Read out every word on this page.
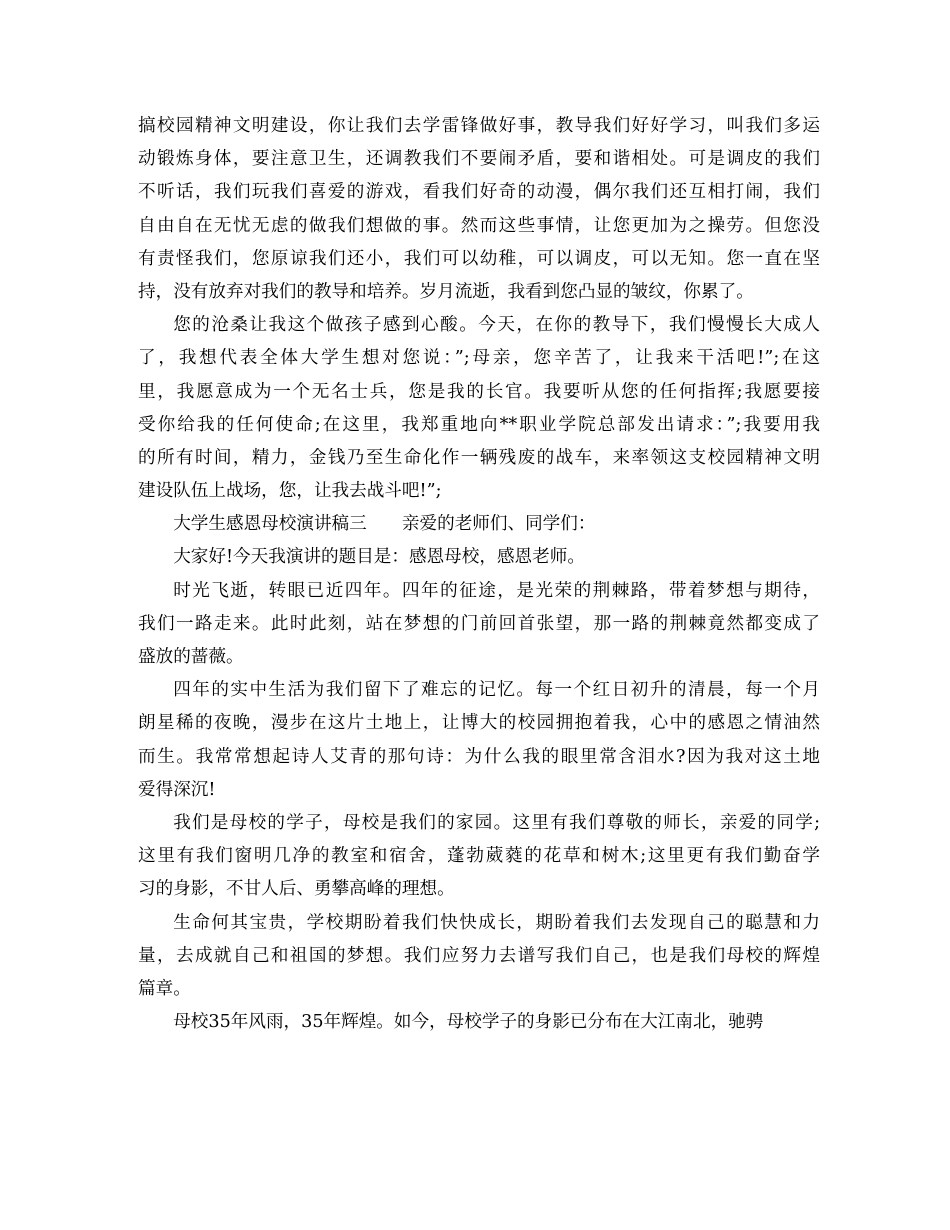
搞校园精神文明建设，你让我们去学雷锋做好事，教导我们好好学习，叫我们多运
动锻炼身体，要注意卫生，还调教我们不要闹矛盾，要和谐相处。可是调皮的我们
不听话，我们玩我们喜爱的游戏，看我们好奇的动漫，偶尔我们还互相打闹，我们
自由自在无忧无虑的做我们想做的事。然而这些事情，让您更加为之操劳。但您没
有责怪我们，您原谅我们还小，我们可以幼稚，可以调皮，可以无知。您一直在坚
持，没有放弃对我们的教导和培养。岁月流逝，我看到您凸显的皱纹，你累了。
您的沧桑让我这个做孩子感到心酸。今天，在你的教导下，我们慢慢长大成人
了，我想代表全体大学生想对您说：”;母亲，您辛苦了，让我来干活吧!”;在这
里，我愿意成为一个无名士兵，您是我的长官。我要听从您的任何指挥;我愿要接
受你给我的任何使命;在这里，我郑重地向**职业学院总部发出请求：”;我要用我
的所有时间，精力，金钱乃至生命化作一辆残废的战车，来率领这支校园精神文明
建设队伍上战场，您，让我去战斗吧!”;
大学生感恩母校演讲稿三　　亲爱的老师们、同学们：
大家好!今天我演讲的题目是：感恩母校，感恩老师。
时光飞逝，转眼已近四年。四年的征途，是光荣的荆棘路，带着梦想与期待，
我们一路走来。此时此刻，站在梦想的门前回首张望，那一路的荆棘竟然都变成了
盛放的蔷薇。
四年的实中生活为我们留下了难忘的记忆。每一个红日初升的清晨，每一个月
朗星稀的夜晚，漫步在这片土地上，让博大的校园拥抱着我，心中的感恩之情油然
而生。我常常想起诗人艾青的那句诗：为什么我的眼里常含泪水?因为我对这土地
爱得深沉!
我们是母校的学子，母校是我们的家园。这里有我们尊敬的师长，亲爱的同学;
这里有我们窗明几净的教室和宿舍，蓬勃葳蕤的花草和树木;这里更有我们勤奋学
习的身影，不甘人后、勇攀高峰的理想。
生命何其宝贵，学校期盼着我们快快成长，期盼着我们去发现自己的聪慧和力
量，去成就自己和祖国的梦想。我们应努力去谱写我们自己，也是我们母校的辉煌
篇章。
母校35年风雨，35年辉煌。如今，母校学子的身影已分布在大江南北，驰骋
